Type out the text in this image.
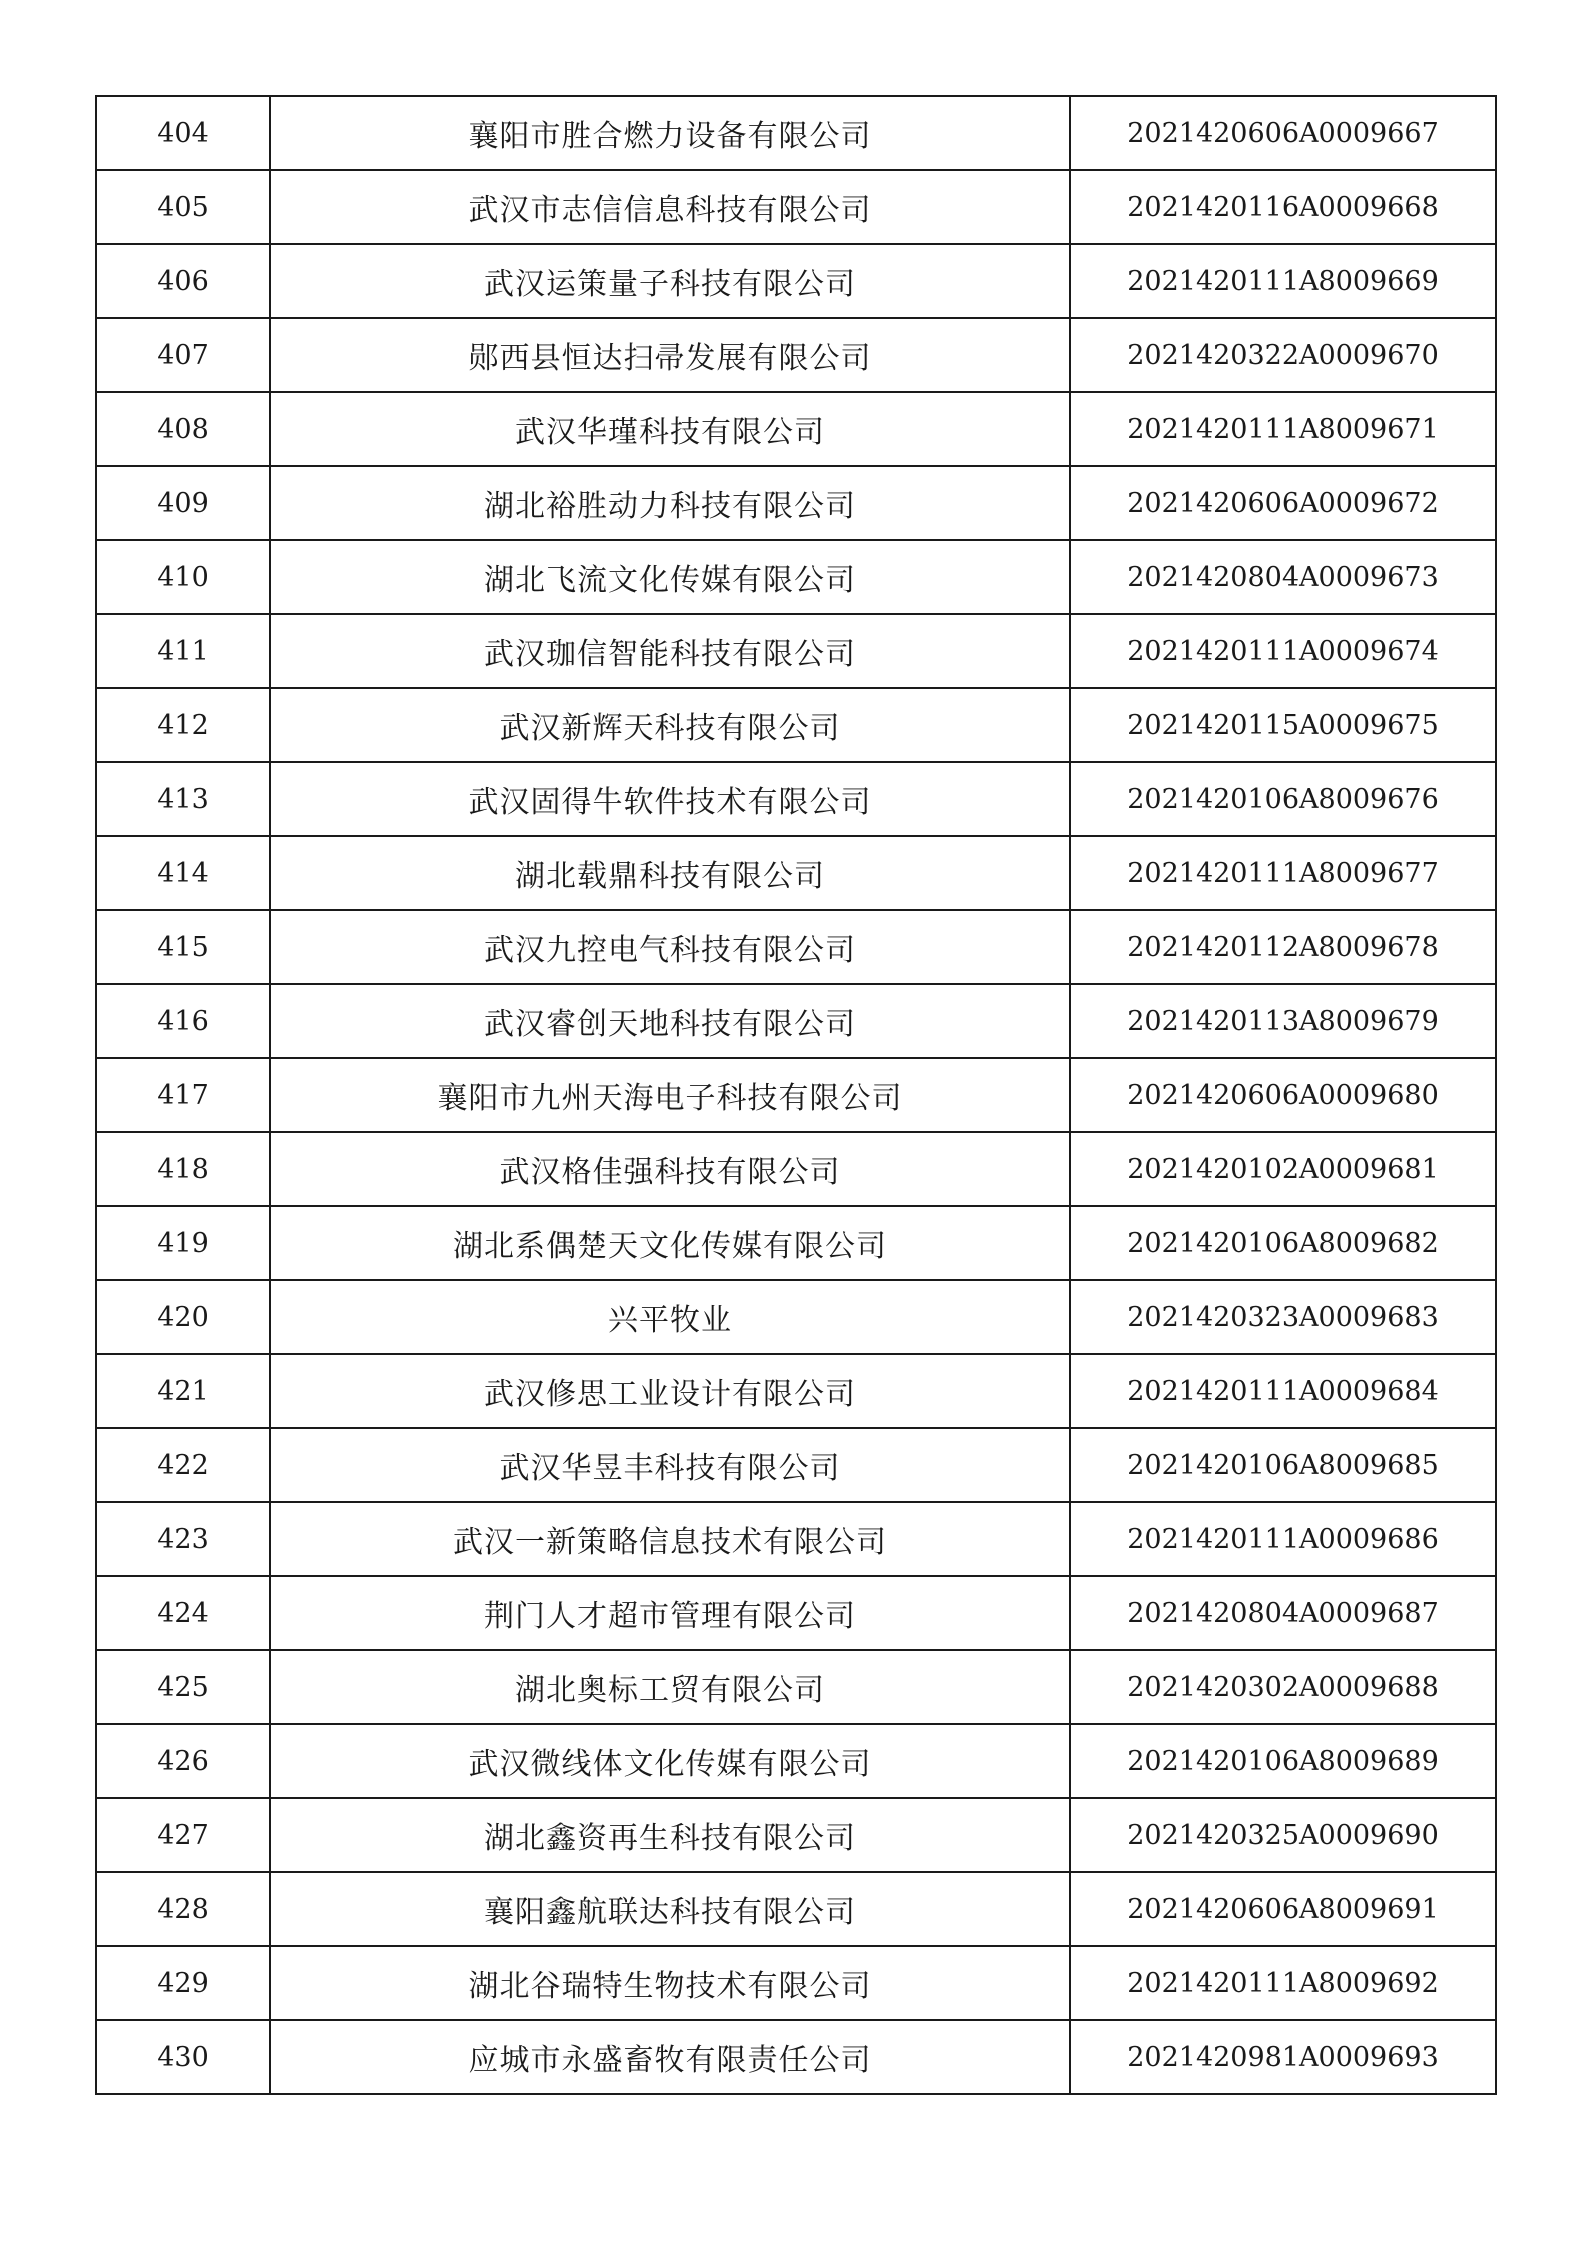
404	襄阳市胜合燃力设备有限公司	2021420606A0009667
405	武汉市志信信息科技有限公司	2021420116A0009668
406	武汉运策量子科技有限公司	2021420111A8009669
407	郧西县恒达扫帚发展有限公司	2021420322A0009670
408	武汉华瑾科技有限公司	2021420111A8009671
409	湖北裕胜动力科技有限公司	2021420606A0009672
410	湖北飞流文化传媒有限公司	2021420804A0009673
411	武汉珈信智能科技有限公司	2021420111A0009674
412	武汉新辉天科技有限公司	2021420115A0009675
413	武汉固得牛软件技术有限公司	2021420106A8009676
414	湖北载鼎科技有限公司	2021420111A8009677
415	武汉九控电气科技有限公司	2021420112A8009678
416	武汉睿创天地科技有限公司	2021420113A8009679
417	襄阳市九州天海电子科技有限公司	2021420606A0009680
418	武汉格佳强科技有限公司	2021420102A0009681
419	湖北系偶楚天文化传媒有限公司	2021420106A8009682
420	兴平牧业	2021420323A0009683
421	武汉修思工业设计有限公司	2021420111A0009684
422	武汉华昱丰科技有限公司	2021420106A8009685
423	武汉一新策略信息技术有限公司	2021420111A0009686
424	荆门人才超市管理有限公司	2021420804A0009687
425	湖北奥标工贸有限公司	2021420302A0009688
426	武汉微线体文化传媒有限公司	2021420106A8009689
427	湖北鑫资再生科技有限公司	2021420325A0009690
428	襄阳鑫航联达科技有限公司	2021420606A8009691
429	湖北谷瑞特生物技术有限公司	2021420111A8009692
430	应城市永盛畜牧有限责任公司	2021420981A0009693
